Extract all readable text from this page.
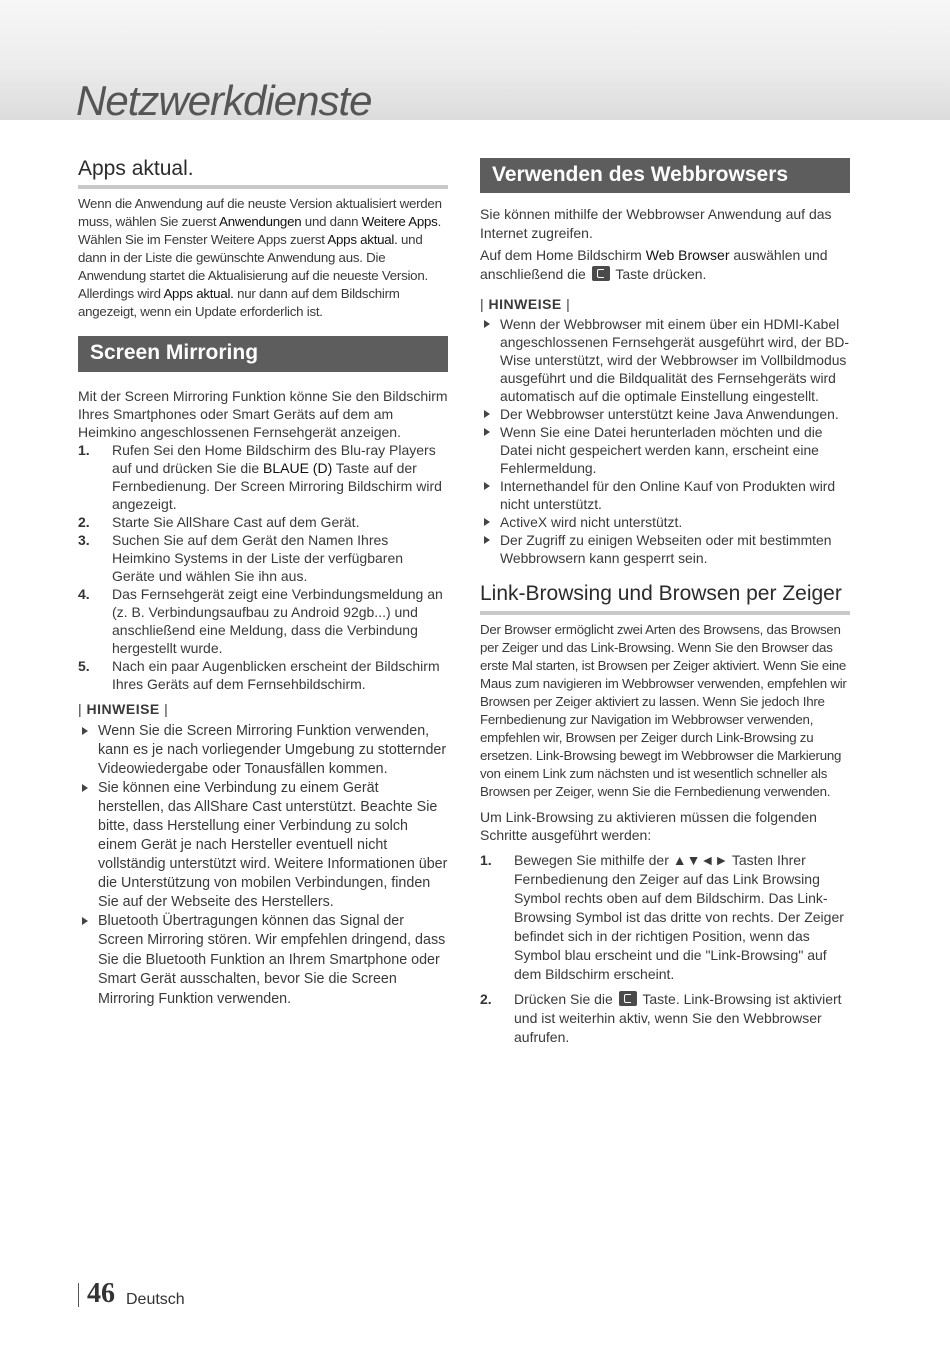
Netzwerkdienste
Apps aktual.

Wenn die Anwendung auf die neuste Version aktualisiert werden muss, wählen Sie zuerst Anwendungen und dann Weitere Apps. Wählen Sie im Fenster Weitere Apps zuerst Apps aktual. und dann in der Liste die gewünschte Anwendung aus. Die Anwendung startet die Aktualisierung auf die neueste Version. Allerdings wird Apps aktual. nur dann auf dem Bildschirm angezeigt, wenn ein Update erforderlich ist.

Screen Mirroring

Mit der Screen Mirroring Funktion könne Sie den Bildschirm Ihres Smartphones oder Smart Geräts auf dem am Heimkino angeschlossenen Fernsehgerät anzeigen.

1. Rufen Sei den Home Bildschirm des Blu-ray Players auf und drücken Sie die BLAUE (D) Taste auf der Fernbedienung. Der Screen Mirroring Bildschirm wird angezeigt.
2. Starte Sie AllShare Cast auf dem Gerät.
3. Suchen Sie auf dem Gerät den Namen Ihres Heimkino Systems in der Liste der verfügbaren Geräte und wählen Sie ihn aus.
4. Das Fernsehgerät zeigt eine Verbindungsmeldung an (z. B. Verbindungsaufbau zu Android 92gb...) und anschließend eine Meldung, dass die Verbindung hergestellt wurde.
5. Nach ein paar Augenblicken erscheint der Bildschirm Ihres Geräts auf dem Fernsehbildschirm.
| HINWEISE |
Wenn Sie die Screen Mirroring Funktion verwenden, kann es je nach vorliegender Umgebung zu stotternder Videowiedergabe oder Tonausfällen kommen.
Sie können eine Verbindung zu einem Gerät herstellen, das AllShare Cast unterstützt. Beachte Sie bitte, dass Herstellung einer Verbindung zu solch einem Gerät je nach Hersteller eventuell nicht vollständig unterstützt wird. Weitere Informationen über die Unterstützung von mobilen Verbindungen, finden Sie auf der Webseite des Herstellers.
Bluetooth Übertragungen können das Signal der Screen Mirroring stören. Wir empfehlen dringend, dass Sie die Bluetooth Funktion an Ihrem Smartphone oder Smart Gerät ausschalten, bevor Sie die Screen Mirroring Funktion verwenden.
Verwenden des Webbrowsers

Sie können mithilfe der Webbrowser Anwendung auf das Internet zugreifen.

Auf dem Home Bildschirm Web Browser auswählen und anschließend die  Taste drücken.

| HINWEISE |
Wenn der Webbrowser mit einem über ein HDMI-Kabel angeschlossenen Fernsehgerät ausgeführt wird, der BD-Wise unterstützt, wird der Webbrowser im Vollbildmodus ausgeführt und die Bildqualität des Fernsehgeräts wird automatisch auf die optimale Einstellung eingestellt.
Der Webbrowser unterstützt keine Java Anwendungen.
Wenn Sie eine Datei herunterladen möchten und die Datei nicht gespeichert werden kann, erscheint eine Fehlermeldung.
Internethandel für den Online Kauf von Produkten wird nicht unterstützt.
ActiveX wird nicht unterstützt.
Der Zugriff zu einigen Webseiten oder mit bestimmten Webbrowsern kann gesperrt sein.
Link-Browsing und Browsen per Zeiger

Der Browser ermöglicht zwei Arten des Browsens, das Browsen per Zeiger und das Link-Browsing. Wenn Sie den Browser das erste Mal starten, ist Browsen per Zeiger aktiviert. Wenn Sie eine Maus zum navigieren im Webbrowser verwenden, empfehlen wir Browsen per Zeiger aktiviert zu lassen. Wenn Sie jedoch Ihre Fernbedienung zur Navigation im Webbrowser verwenden, empfehlen wir, Browsen per Zeiger durch Link-Browsing zu ersetzen. Link-Browsing bewegt im Webbrowser die Markierung von einem Link zum nächsten und ist wesentlich schneller als Browsen per Zeiger, wenn Sie die Fernbedienung verwenden.

Um Link-Browsing zu aktivieren müssen die folgenden Schritte ausgeführt werden:

1. Bewegen Sie mithilfe der ▲▼◄► Tasten Ihrer Fernbedienung den Zeiger auf das Link Browsing Symbol rechts oben auf dem Bildschirm. Das Link-Browsing Symbol ist das dritte von rechts. Der Zeiger befindet sich in der richtigen Position, wenn das Symbol blau erscheint und die "Link-Browsing" auf dem Bildschirm erscheint.
2. Drücken Sie die  Taste. Link-Browsing ist aktiviert und ist weiterhin aktiv, wenn Sie den Webbrowser aufrufen.
46 Deutsch
